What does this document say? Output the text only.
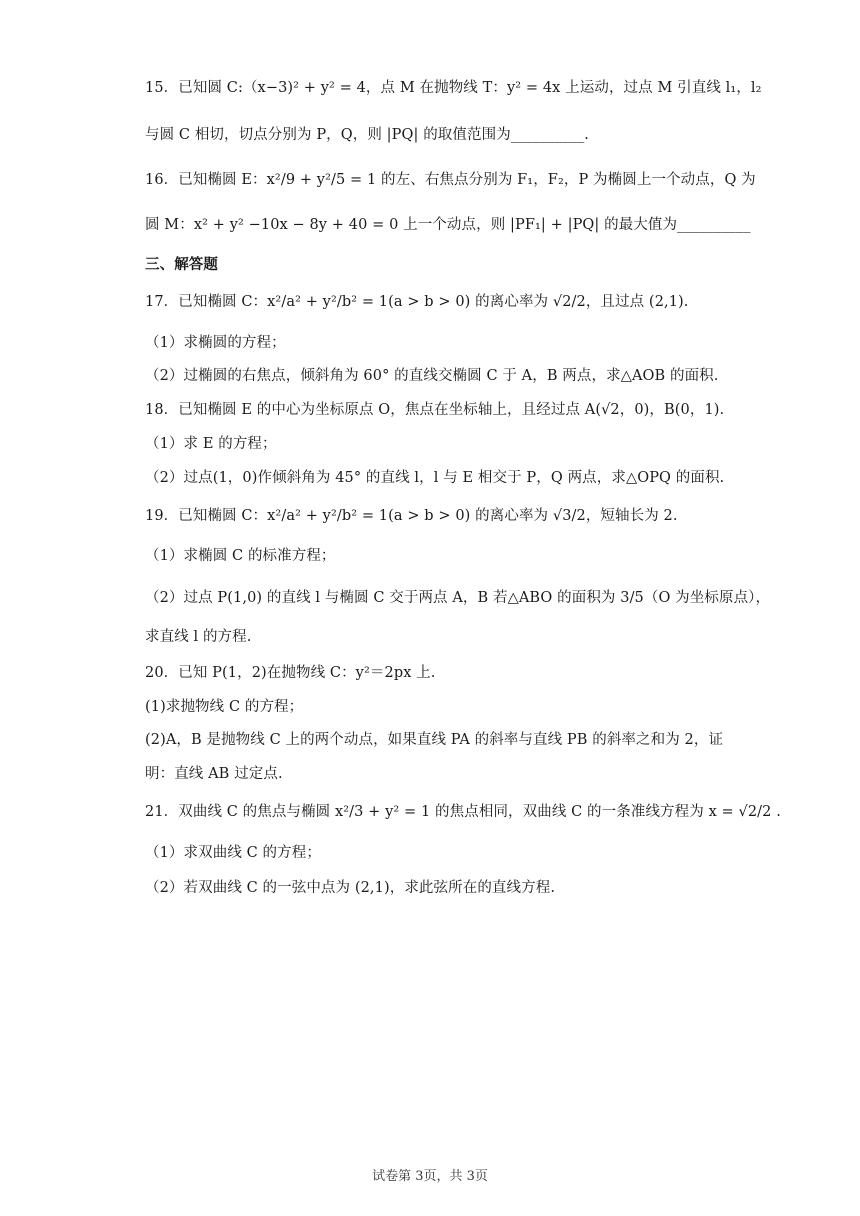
15．已知圆 C:（x−3)² + y² = 4，点 M 在抛物线 T：y² = 4x 上运动，过点 M 引直线 l₁，l₂
与圆 C 相切，切点分别为 P，Q，则 |PQ| 的取值范围为__________.
16．已知椭圆 E：x²/9 + y²/5 = 1 的左、右焦点分别为 F₁，F₂，P 为椭圆上一个动点，Q 为
圆 M：x² + y² −10x − 8y + 40 = 0 上一个动点，则 |PF₁| + |PQ| 的最大值为__________
三、解答题
17．已知椭圆 C：x²/a² + y²/b² = 1(a > b > 0) 的离心率为 √2/2，且过点 (2,1).
（1）求椭圆的方程；
（2）过椭圆的右焦点，倾斜角为 60° 的直线交椭圆 C 于 A，B 两点，求△AOB 的面积.
18．已知椭圆 E 的中心为坐标原点 O，焦点在坐标轴上，且经过点 A(√2，0)，B(0，1).
（1）求 E 的方程；
（2）过点(1，0)作倾斜角为 45° 的直线 l，l 与 E 相交于 P，Q 两点，求△OPQ 的面积.
19．已知椭圆 C：x²/a² + y²/b² = 1(a > b > 0) 的离心率为 √3/2，短轴长为 2.
（1）求椭圆 C 的标准方程；
（2）过点 P(1,0) 的直线 l 与椭圆 C 交于两点 A，B 若△ABO 的面积为 3/5（O 为坐标原点），
求直线 l 的方程.
20．已知 P(1，2)在抛物线 C：y²＝2px 上.
(1)求抛物线 C 的方程；
(2)A，B 是抛物线 C 上的两个动点，如果直线 PA 的斜率与直线 PB 的斜率之和为 2，证
明：直线 AB 过定点.
21．双曲线 C 的焦点与椭圆 x²/3 + y² = 1 的焦点相同，双曲线 C 的一条准线方程为 x = √2/2 .
（1）求双曲线 C 的方程；
（2）若双曲线 C 的一弦中点为 (2,1)，求此弦所在的直线方程.
试卷第 3页，共 3页
